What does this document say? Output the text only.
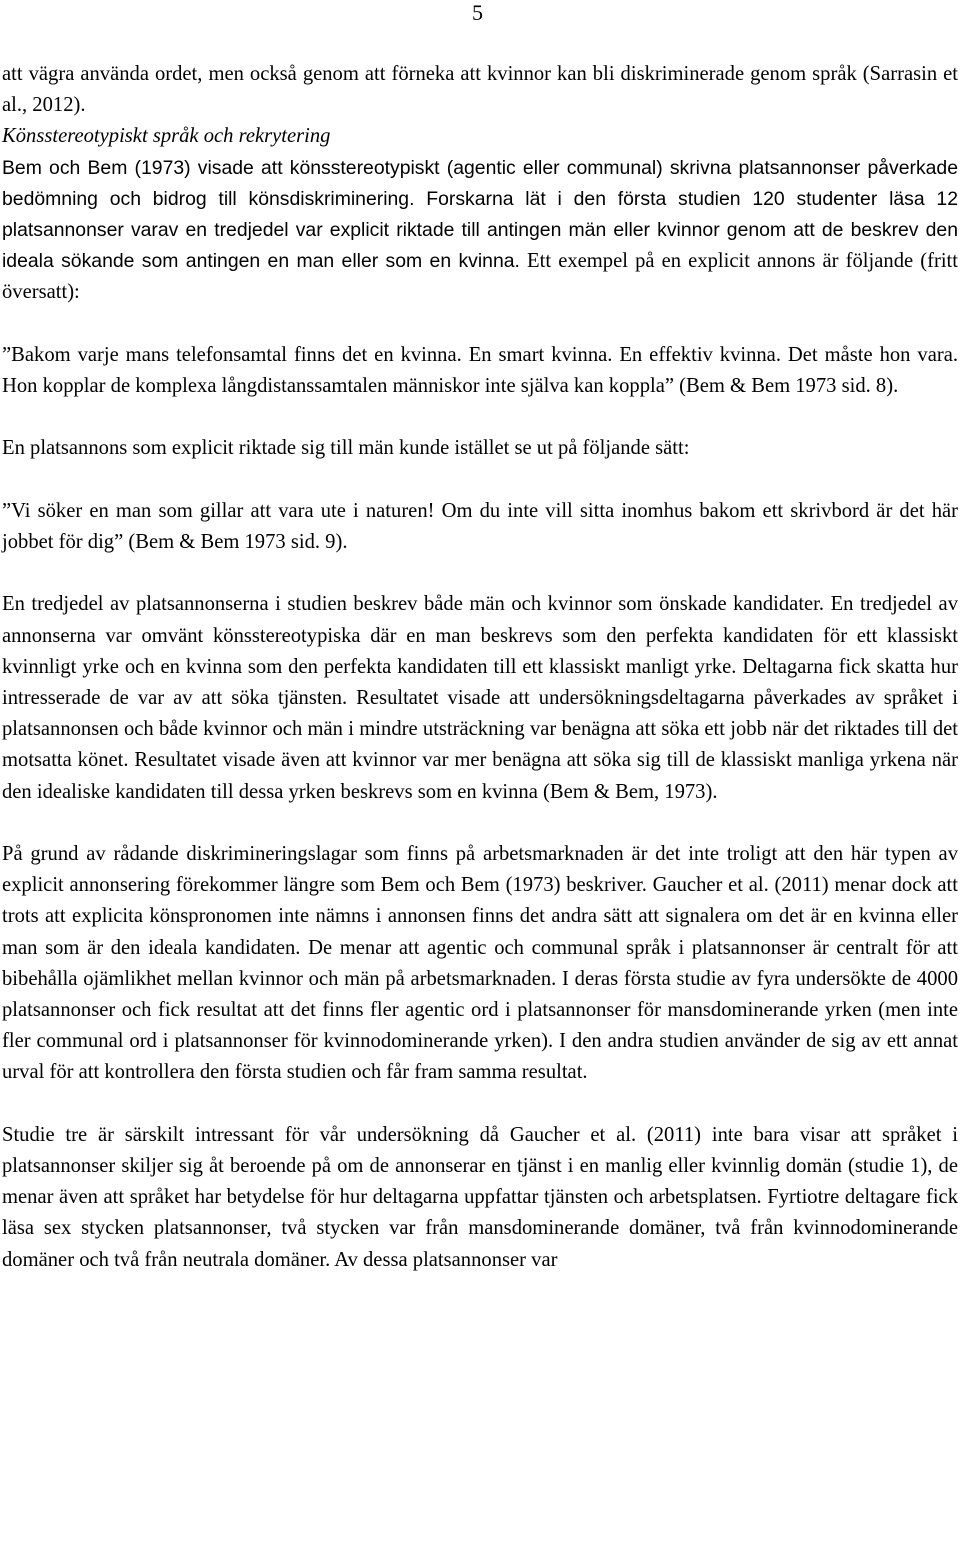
5

att vägra använda ordet, men också genom att förneka att kvinnor kan bli diskriminerade genom språk (Sarrasin et al., 2012).

Könsstereotypiskt språk och rekrytering

Bem och Bem (1973) visade att könsstereotypiskt (agentic eller communal) skrivna platsannonser påverkade bedömning och bidrog till könsdiskriminering. Forskarna lät i den första studien 120 studenter läsa 12 platsannonser varav en tredjedel var explicit riktade till antingen män eller kvinnor genom att de beskrev den ideala sökande som antingen en man eller som en kvinna. Ett exempel på en explicit annons är följande (fritt översatt):

”Bakom varje mans telefonsamtal finns det en kvinna. En smart kvinna. En effektiv kvinna. Det måste hon vara. Hon kopplar de komplexa långdistanssamtalen människor inte själva kan koppla” (Bem & Bem 1973 sid. 8).

En platsannons som explicit riktade sig till män kunde istället se ut på följande sätt:

”Vi söker en man som gillar att vara ute i naturen! Om du inte vill sitta inomhus bakom ett skrivbord är det här jobbet för dig” (Bem & Bem 1973 sid. 9).

En tredjedel av platsannonserna i studien beskrev både män och kvinnor som önskade kandidater. En tredjedel av annonserna var omvänt könsstereotypiska där en man beskrevs som den perfekta kandidaten för ett klassiskt kvinnligt yrke och en kvinna som den perfekta kandidaten till ett klassiskt manligt yrke. Deltagarna fick skatta hur intresserade de var av att söka tjänsten. Resultatet visade att undersökningsdeltagarna påverkades av språket i platsannonsen och både kvinnor och män i mindre utsträckning var benägna att söka ett jobb när det riktades till det motsatta könet. Resultatet visade även att kvinnor var mer benägna att söka sig till de klassiskt manliga yrkena när den idealiske kandidaten till dessa yrken beskrevs som en kvinna (Bem & Bem, 1973).

På grund av rådande diskrimineringslagar som finns på arbetsmarknaden är det inte troligt att den här typen av explicit annonsering förekommer längre som Bem och Bem (1973) beskriver. Gaucher et al. (2011) menar dock att trots att explicita könspronomen inte nämns i annonsen finns det andra sätt att signalera om det är en kvinna eller man som är den ideala kandidaten. De menar att agentic och communal språk i platsannonser är centralt för att bibehålla ojämlikhet mellan kvinnor och män på arbetsmarknaden. I deras första studie av fyra undersökte de 4000 platsannonser och fick resultat att det finns fler agentic ord i platsannonser för mansdominerande yrken (men inte fler communal ord i platsannonser för kvinnodominerande yrken). I den andra studien använder de sig av ett annat urval för att kontrollera den första studien och får fram samma resultat.

Studie tre är särskilt intressant för vår undersökning då Gaucher et al. (2011) inte bara visar att språket i platsannonser skiljer sig åt beroende på om de annonserar en tjänst i en manlig eller kvinnlig domän (studie 1), de menar även att språket har betydelse för hur deltagarna uppfattar tjänsten och arbetsplatsen. Fyrtiotre deltagare fick läsa sex stycken platsannonser, två stycken var från mansdominerande domäner, två från kvinnodominerande domäner och två från neutrala domäner. Av dessa platsannonser var
